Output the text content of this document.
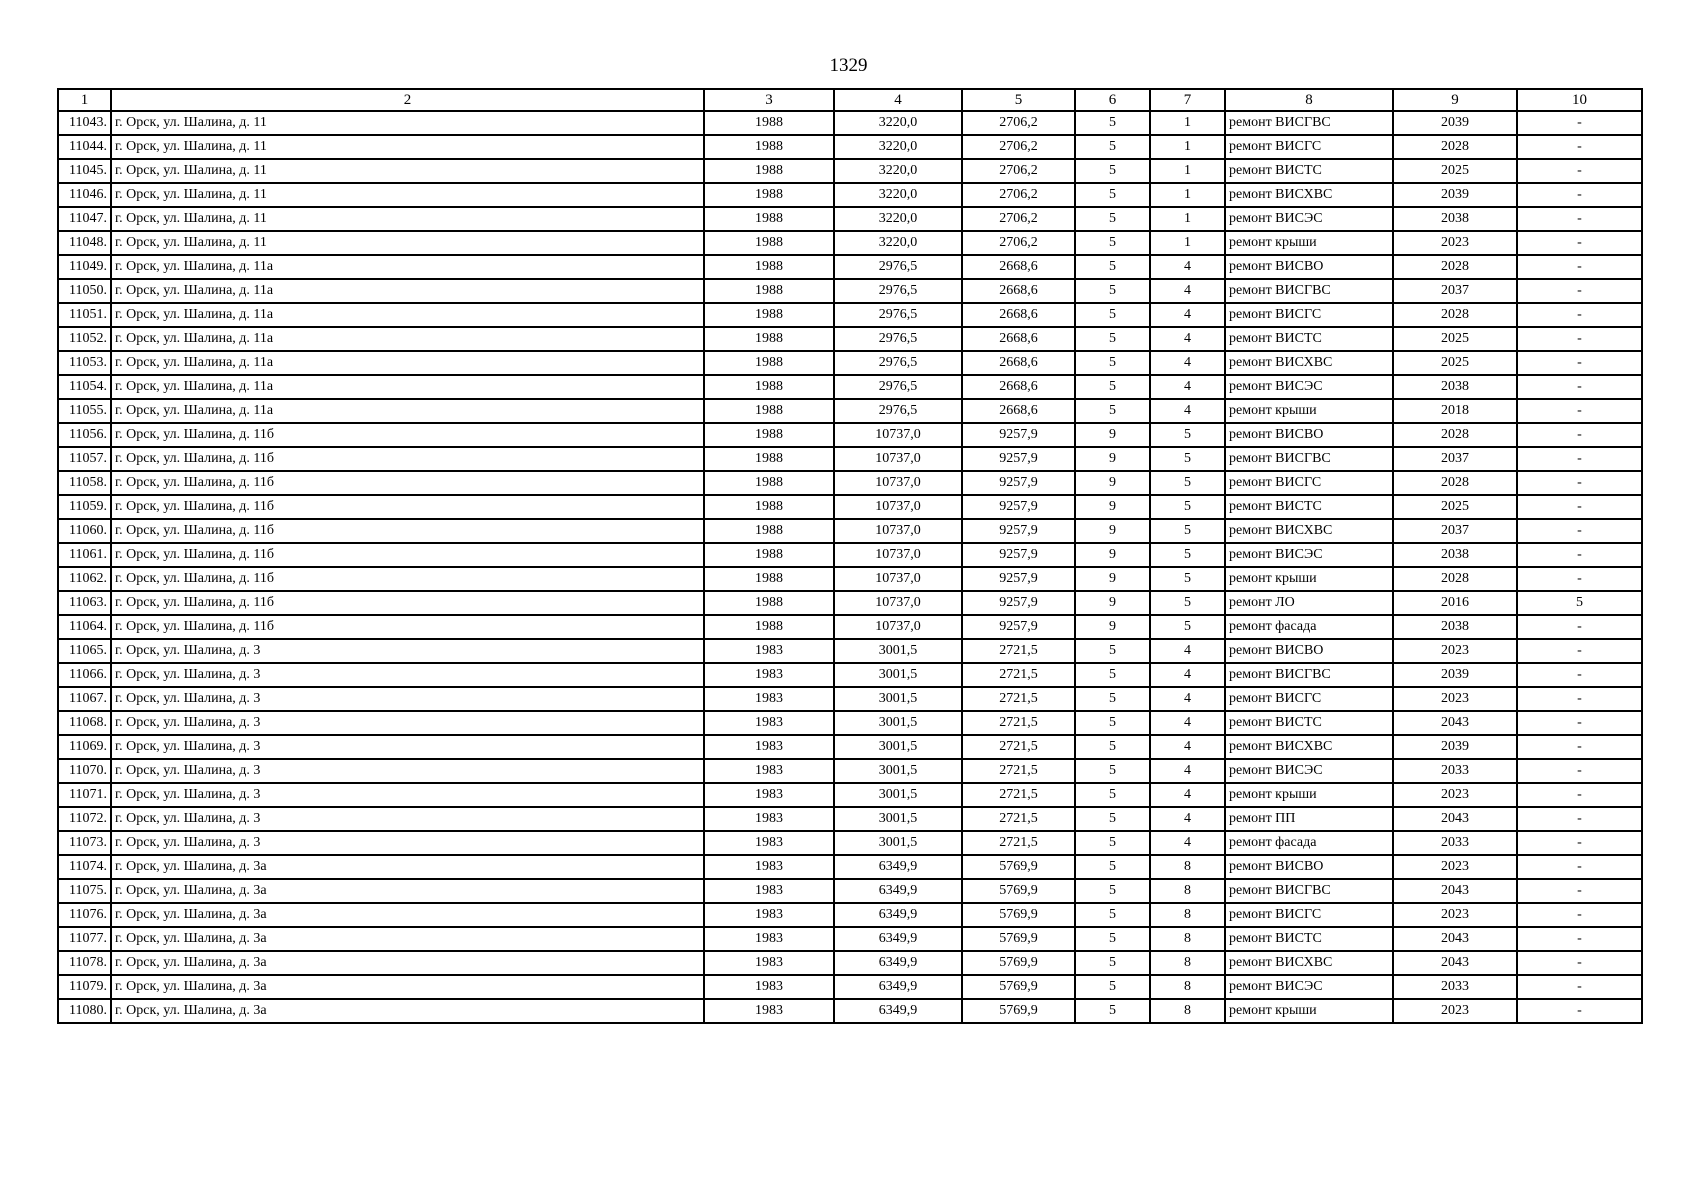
1329
1	2	3	4	5	6	7	8	9	10
11043.	г. Орск, ул. Шалина, д. 11	1988	3220,0	2706,2	5	1	ремонт ВИСГВС	2039	-
11044.	г. Орск, ул. Шалина, д. 11	1988	3220,0	2706,2	5	1	ремонт ВИСГС	2028	-
11045.	г. Орск, ул. Шалина, д. 11	1988	3220,0	2706,2	5	1	ремонт ВИСТС	2025	-
11046.	г. Орск, ул. Шалина, д. 11	1988	3220,0	2706,2	5	1	ремонт ВИСХВС	2039	-
11047.	г. Орск, ул. Шалина, д. 11	1988	3220,0	2706,2	5	1	ремонт ВИСЭС	2038	-
11048.	г. Орск, ул. Шалина, д. 11	1988	3220,0	2706,2	5	1	ремонт крыши	2023	-
11049.	г. Орск, ул. Шалина, д. 11а	1988	2976,5	2668,6	5	4	ремонт ВИСВО	2028	-
11050.	г. Орск, ул. Шалина, д. 11а	1988	2976,5	2668,6	5	4	ремонт ВИСГВС	2037	-
11051.	г. Орск, ул. Шалина, д. 11а	1988	2976,5	2668,6	5	4	ремонт ВИСГС	2028	-
11052.	г. Орск, ул. Шалина, д. 11а	1988	2976,5	2668,6	5	4	ремонт ВИСТС	2025	-
11053.	г. Орск, ул. Шалина, д. 11а	1988	2976,5	2668,6	5	4	ремонт ВИСХВС	2025	-
11054.	г. Орск, ул. Шалина, д. 11а	1988	2976,5	2668,6	5	4	ремонт ВИСЭС	2038	-
11055.	г. Орск, ул. Шалина, д. 11а	1988	2976,5	2668,6	5	4	ремонт крыши	2018	-
11056.	г. Орск, ул. Шалина, д. 11б	1988	10737,0	9257,9	9	5	ремонт ВИСВО	2028	-
11057.	г. Орск, ул. Шалина, д. 11б	1988	10737,0	9257,9	9	5	ремонт ВИСГВС	2037	-
11058.	г. Орск, ул. Шалина, д. 11б	1988	10737,0	9257,9	9	5	ремонт ВИСГС	2028	-
11059.	г. Орск, ул. Шалина, д. 11б	1988	10737,0	9257,9	9	5	ремонт ВИСТС	2025	-
11060.	г. Орск, ул. Шалина, д. 11б	1988	10737,0	9257,9	9	5	ремонт ВИСХВС	2037	-
11061.	г. Орск, ул. Шалина, д. 11б	1988	10737,0	9257,9	9	5	ремонт ВИСЭС	2038	-
11062.	г. Орск, ул. Шалина, д. 11б	1988	10737,0	9257,9	9	5	ремонт крыши	2028	-
11063.	г. Орск, ул. Шалина, д. 11б	1988	10737,0	9257,9	9	5	ремонт ЛО	2016	5
11064.	г. Орск, ул. Шалина, д. 11б	1988	10737,0	9257,9	9	5	ремонт фасада	2038	-
11065.	г. Орск, ул. Шалина, д. 3	1983	3001,5	2721,5	5	4	ремонт ВИСВО	2023	-
11066.	г. Орск, ул. Шалина, д. 3	1983	3001,5	2721,5	5	4	ремонт ВИСГВС	2039	-
11067.	г. Орск, ул. Шалина, д. 3	1983	3001,5	2721,5	5	4	ремонт ВИСГС	2023	-
11068.	г. Орск, ул. Шалина, д. 3	1983	3001,5	2721,5	5	4	ремонт ВИСТС	2043	-
11069.	г. Орск, ул. Шалина, д. 3	1983	3001,5	2721,5	5	4	ремонт ВИСХВС	2039	-
11070.	г. Орск, ул. Шалина, д. 3	1983	3001,5	2721,5	5	4	ремонт ВИСЭС	2033	-
11071.	г. Орск, ул. Шалина, д. 3	1983	3001,5	2721,5	5	4	ремонт крыши	2023	-
11072.	г. Орск, ул. Шалина, д. 3	1983	3001,5	2721,5	5	4	ремонт ПП	2043	-
11073.	г. Орск, ул. Шалина, д. 3	1983	3001,5	2721,5	5	4	ремонт фасада	2033	-
11074.	г. Орск, ул. Шалина, д. 3а	1983	6349,9	5769,9	5	8	ремонт ВИСВО	2023	-
11075.	г. Орск, ул. Шалина, д. 3а	1983	6349,9	5769,9	5	8	ремонт ВИСГВС	2043	-
11076.	г. Орск, ул. Шалина, д. 3а	1983	6349,9	5769,9	5	8	ремонт ВИСГС	2023	-
11077.	г. Орск, ул. Шалина, д. 3а	1983	6349,9	5769,9	5	8	ремонт ВИСТС	2043	-
11078.	г. Орск, ул. Шалина, д. 3а	1983	6349,9	5769,9	5	8	ремонт ВИСХВС	2043	-
11079.	г. Орск, ул. Шалина, д. 3а	1983	6349,9	5769,9	5	8	ремонт ВИСЭС	2033	-
11080.	г. Орск, ул. Шалина, д. 3а	1983	6349,9	5769,9	5	8	ремонт крыши	2023	-
